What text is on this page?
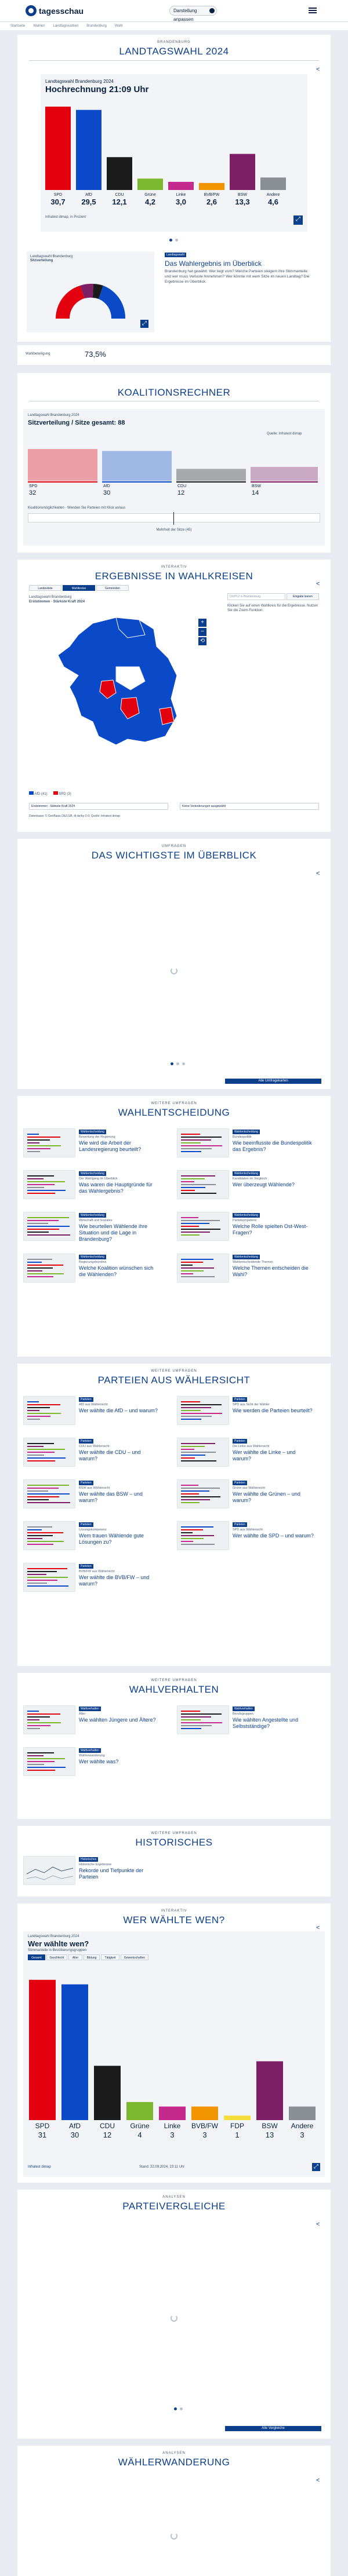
tagesschau	Darstellung anpassen
Startseite Wahlen Landtagswahlen Brandenburg Wahl
BRANDENBURG
LANDTAGSWAHL 2024
<
Landtagswahl Brandenburg 2024
Hochrechnung 21:09 Uhr
SPD
30,7
AfD
29,5
CDU
12,1
Grüne
4,2
Linke
3,0
BVB/FW
2,6
BSW
13,3
Andere
4,6
Infratest dimap, in Prozent	⤢
Landtagswahl Brandenburg
Sitzverteilung
⤢
Landtagswahl
Das Wahlergebnis im Überblick
Brandenburg hat gewählt: Wer liegt vorn? Welche Parteien steigern ihre Stimmanteile und wer muss Verluste hinnehmen? Wer könnte mit wem Sitze im neuen Landtag? Die Ergebnisse im Überblick.
Wahlbeteiligung	73,5%
KOALITIONSRECHNER
Landtagswahl Brandenburg 2024
Sitzverteilung / Sitze gesamt: 88
Quelle: Infratest dimap
SPD
32
AfD
30
CDU
12
BSW
14
Koalitionsmöglichkeiten · Wenden Sie Parteien mit Klick an/aus
Mehrheit der Sitze (45)
INTERAKTIV
ERGEBNISSE IN WAHLKREISEN
<
Landesliste	Wahlkreise	Gemeinden
Landtagswahl Brandenburg
Erststimmen · Stärkste Kraft 2024
Ort/PLZ in Brandenburg	Eingabe leeren
Klicken Sie auf einen Wahlkreis für die Ergebnisse. Nutzen Sie die Zoom-Funktion.
+
−
⟲
AfD (41)	SPD (3)
Erststimmen · Stärkste Kraft 2024	Keine Veränderungen ausgewählt
Datenbasis: © GeoBasis-DE/LGB, dl-de/by-2-0; Quelle: Infratest dimap
UMFRAGEN
DAS WICHTIGSTE IM ÜBERBLICK
<
Alle Umfragekarten
WEITERE UMFRAGEN
WAHLENTSCHEIDUNG
Wahlentscheidung
Bewertung der Regierung
Wie wird die Arbeit der Landesregierung beurteilt?
Wahlentscheidung
Bundespolitik
Wie beeinflusste die Bundespolitik das Ergebnis?
Wahlentscheidung
Der Wahlgang im Überblick
Was waren die Hauptgründe für das Wahlergebnis?
Wahlentscheidung
Kandidaten im Vergleich
Wer überzeugt Wählende?
Wahlentscheidung
Wirtschaft und Soziales
Wie beurteilen Wählende ihre Situation und die Lage in Brandenburg?
Wahlentscheidung
Parteikompetenz
Welche Rolle spielten Ost-West-Fragen?
Wahlentscheidung
Regierungsbündnis
Welche Koalition wünschen sich die Wählenden?
Wahlentscheidung
Wahlentscheidende Themen
Welche Themen entscheiden die Wahl?
WEITERE UMFRAGEN
PARTEIEN AUS WÄHLERSICHT
Parteien
AfD aus Wählersicht
Wer wählte die AfD – und warum?
Parteien
SPD aus Sicht der Wähler
Wie werden die Parteien beurteilt?
Parteien
CDU aus Wählersicht
Wer wählte die CDU – und warum?
Parteien
Die Linke aus Wählersicht
Wer wählte die Linke – und warum?
Parteien
BSW aus Wählersicht
Wer wählte das BSW – und warum?
Parteien
Grüne aus Wählersicht
Wer wählte die Grünen – und warum?
Parteien
Lösungskompetenz
Wem trauen Wählende gute Lösungen zu?
Parteien
SPD aus Wählersicht
Wer wählte die SPD – und warum?
Parteien
BVB/FW aus Wählersicht
Wer wählte die BVB/FW – und warum?
WEITERE UMFRAGEN
WAHLVERHALTEN
Wahlverhalten
Alter
Wie wählten Jüngere und Ältere?
Wahlverhalten
Berufsgruppen
Wie wählten Angestellte und Selbstständige?
Wahlverhalten
Wählerwanderung
Wer wählte was?
WEITERE UMFRAGEN
HISTORISCHES
Historisches
Historische Ergebnisse
Rekorde und Tiefpunkte der Parteien
INTERAKTIV
WER WÄHLTE WEN?
<
Landtagswahl Brandenburg 2024
Wer wählte wen?
Stimmanteile in Bevölkerungsgruppen
Gesamt	Geschlecht	Alter	Bildung	Tätigkeit	Gewerkschaften
SPD
31
AfD
30
CDU
12
Grüne
4
Linke
3
BVB/FW
3
FDP
1
BSW
13
Andere
3
Infratest dimap	Stand: 22.09.2024, 23:11 Uhr	⤢
ANALYSEN
PARTEIVERGLEICHE
<
Alle Vergleiche
ANALYSEN
WÄHLERWANDERUNG
<
